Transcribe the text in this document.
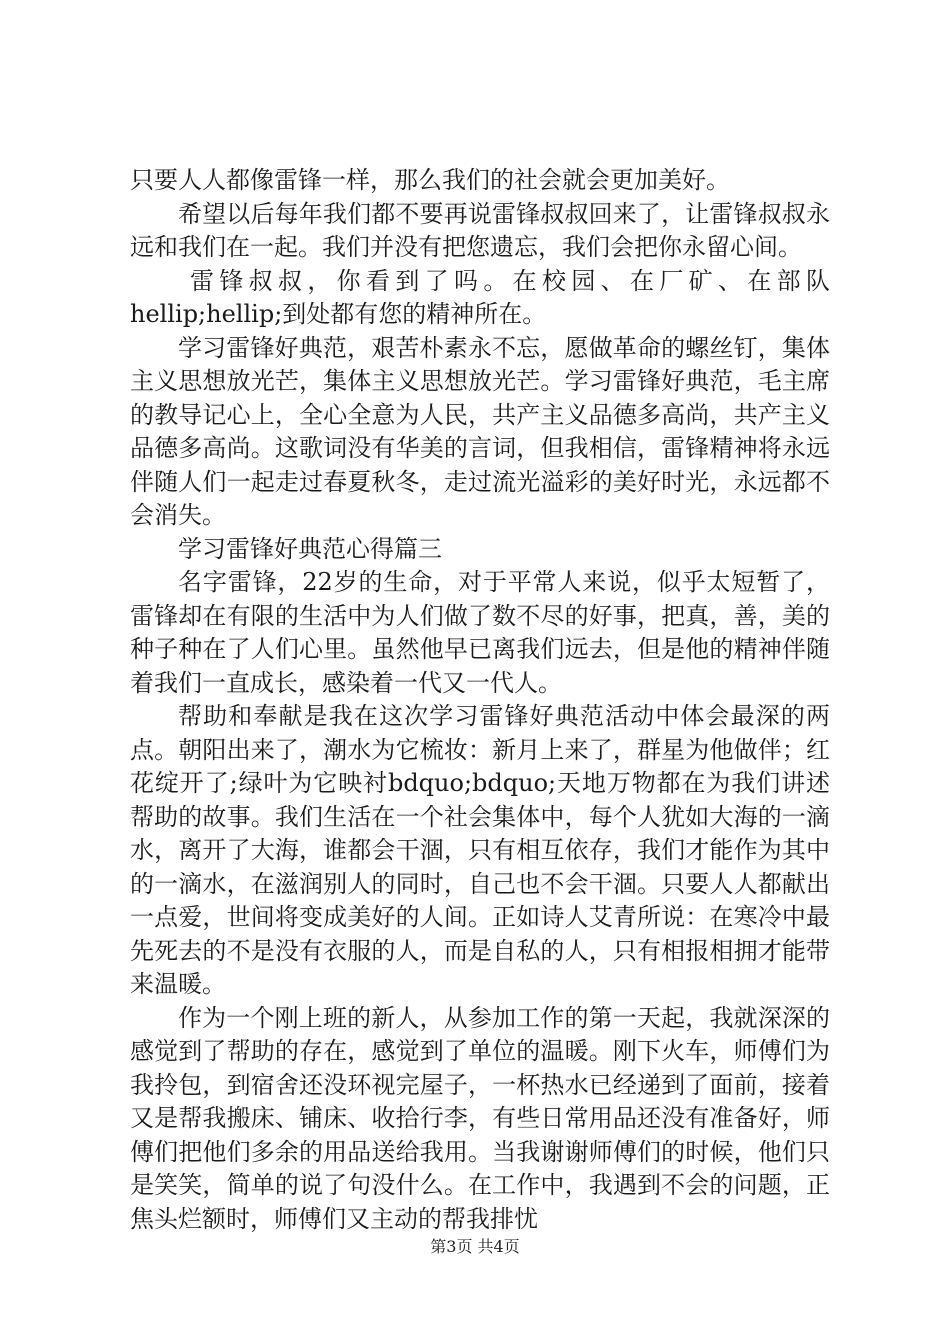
只要人人都像雷锋一样，那么我们的社会就会更加美好。

希望以后每年我们都不要再说雷锋叔叔回来了，让雷锋叔叔永远和我们在一起。我们并没有把您遗忘，我们会把你永留心间。

雷锋叔叔，你看到了吗。在校园、在厂矿、在部队hellip;hellip;到处都有您的精神所在。

学习雷锋好典范，艰苦朴素永不忘，愿做革命的螺丝钉，集体主义思想放光芒，集体主义思想放光芒。学习雷锋好典范，毛主席的教导记心上，全心全意为人民，共产主义品德多高尚，共产主义品德多高尚。这歌词没有华美的言词，但我相信，雷锋精神将永远伴随人们一起走过春夏秋冬，走过流光溢彩的美好时光，永远都不会消失。

学习雷锋好典范心得篇三

名字雷锋，22岁的生命，对于平常人来说，似乎太短暂了，雷锋却在有限的生活中为人们做了数不尽的好事，把真，善，美的种子种在了人们心里。虽然他早已离我们远去，但是他的精神伴随着我们一直成长，感染着一代又一代人。

帮助和奉献是我在这次学习雷锋好典范活动中体会最深的两点。朝阳出来了，潮水为它梳妆：新月上来了，群星为他做伴；红花绽开了;绿叶为它映衬bdquo;bdquo;天地万物都在为我们讲述帮助的故事。我们生活在一个社会集体中，每个人犹如大海的一滴水，离开了大海，谁都会干涸，只有相互依存，我们才能作为其中的一滴水，在滋润别人的同时，自己也不会干涸。只要人人都献出一点爱，世间将变成美好的人间。正如诗人艾青所说：在寒冷中最先死去的不是没有衣服的人，而是自私的人，只有相报相拥才能带来温暖。

作为一个刚上班的新人，从参加工作的第一天起，我就深深的感觉到了帮助的存在，感觉到了单位的温暖。刚下火车，师傅们为我拎包，到宿舍还没环视完屋子，一杯热水已经递到了面前，接着又是帮我搬床、铺床、收拾行李，有些日常用品还没有准备好，师傅们把他们多余的用品送给我用。当我谢谢师傅们的时候，他们只是笑笑，简单的说了句没什么。在工作中，我遇到不会的问题，正焦头烂额时，师傅们又主动的帮我排忧

第3页 共4页
